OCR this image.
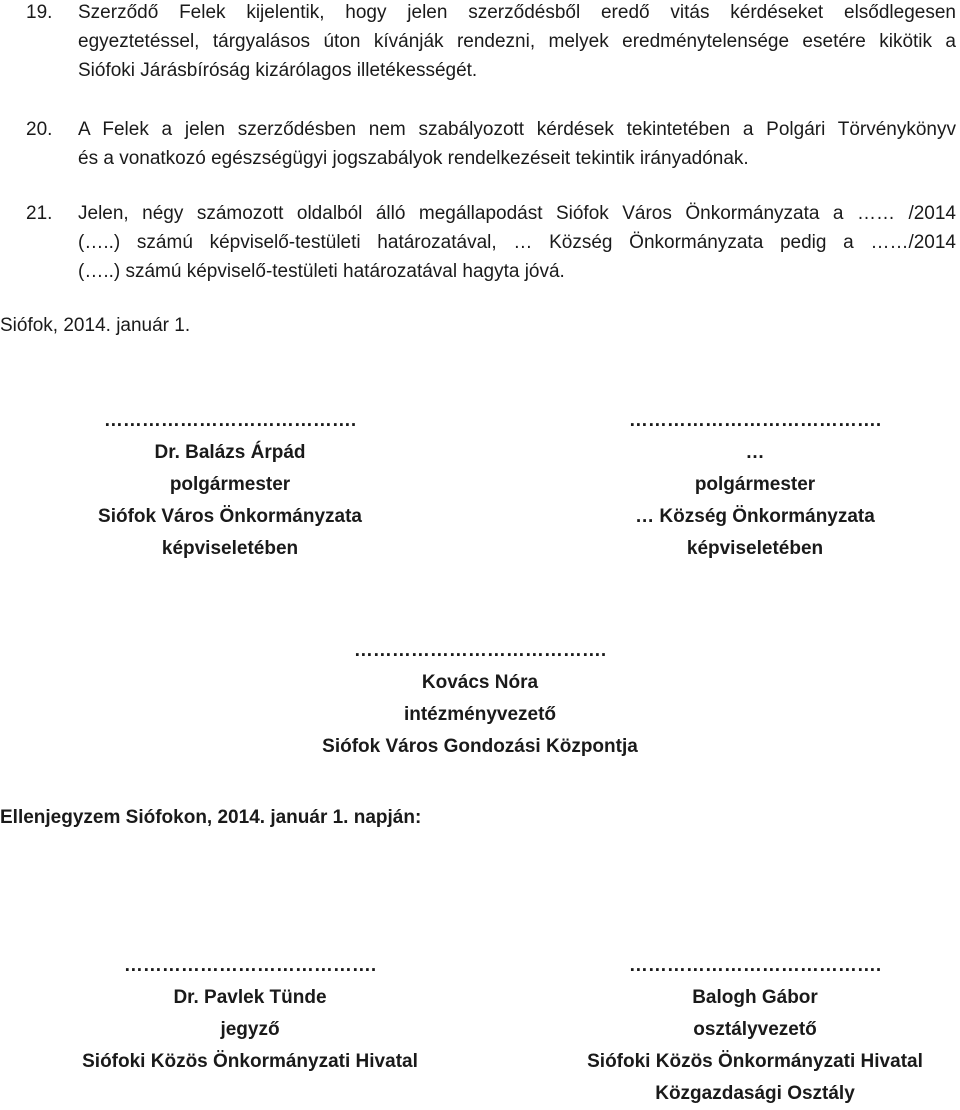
19. Szerződő Felek kijelentik, hogy jelen szerződésből eredő vitás kérdéseket elsődlegesen
egyeztetéssel, tárgyalásos úton kívánják rendezni, melyek eredménytelensége esetére kikötik a
Siófoki Járásbíróság kizárólagos illetékességét.
20. A Felek a jelen szerződésben nem szabályozott kérdések tekintetében a Polgári Törvénykönyv
és a vonatkozó egészségügyi jogszabályok rendelkezéseit tekintik irányadónak.
21. Jelen, négy számozott oldalból álló megállapodást Siófok Város Önkormányzata a …… /2014
(…..) számú képviselő-testületi határozatával, … Község Önkormányzata pedig a ……/2014
(…..) számú képviselő-testületi határozatával hagyta jóvá.
Siófok, 2014. január 1.
………………………………….
Dr. Balázs Árpád
polgármester
Siófok Város Önkormányzata
képviseletében
………………………………….
…
polgármester
… Község Önkormányzata
képviseletében
………………………………….
Kovács Nóra
intézményvezető
Siófok Város Gondozási Központja
Ellenjegyzem Siófokon, 2014. január 1. napján:
………………………………….
Dr. Pavlek Tünde
jegyző
Siófoki Közös Önkormányzati Hivatal
………………………………….
Balogh Gábor
osztályvezető
Siófoki Közös Önkormányzati Hivatal
Közgazdasági Osztály
